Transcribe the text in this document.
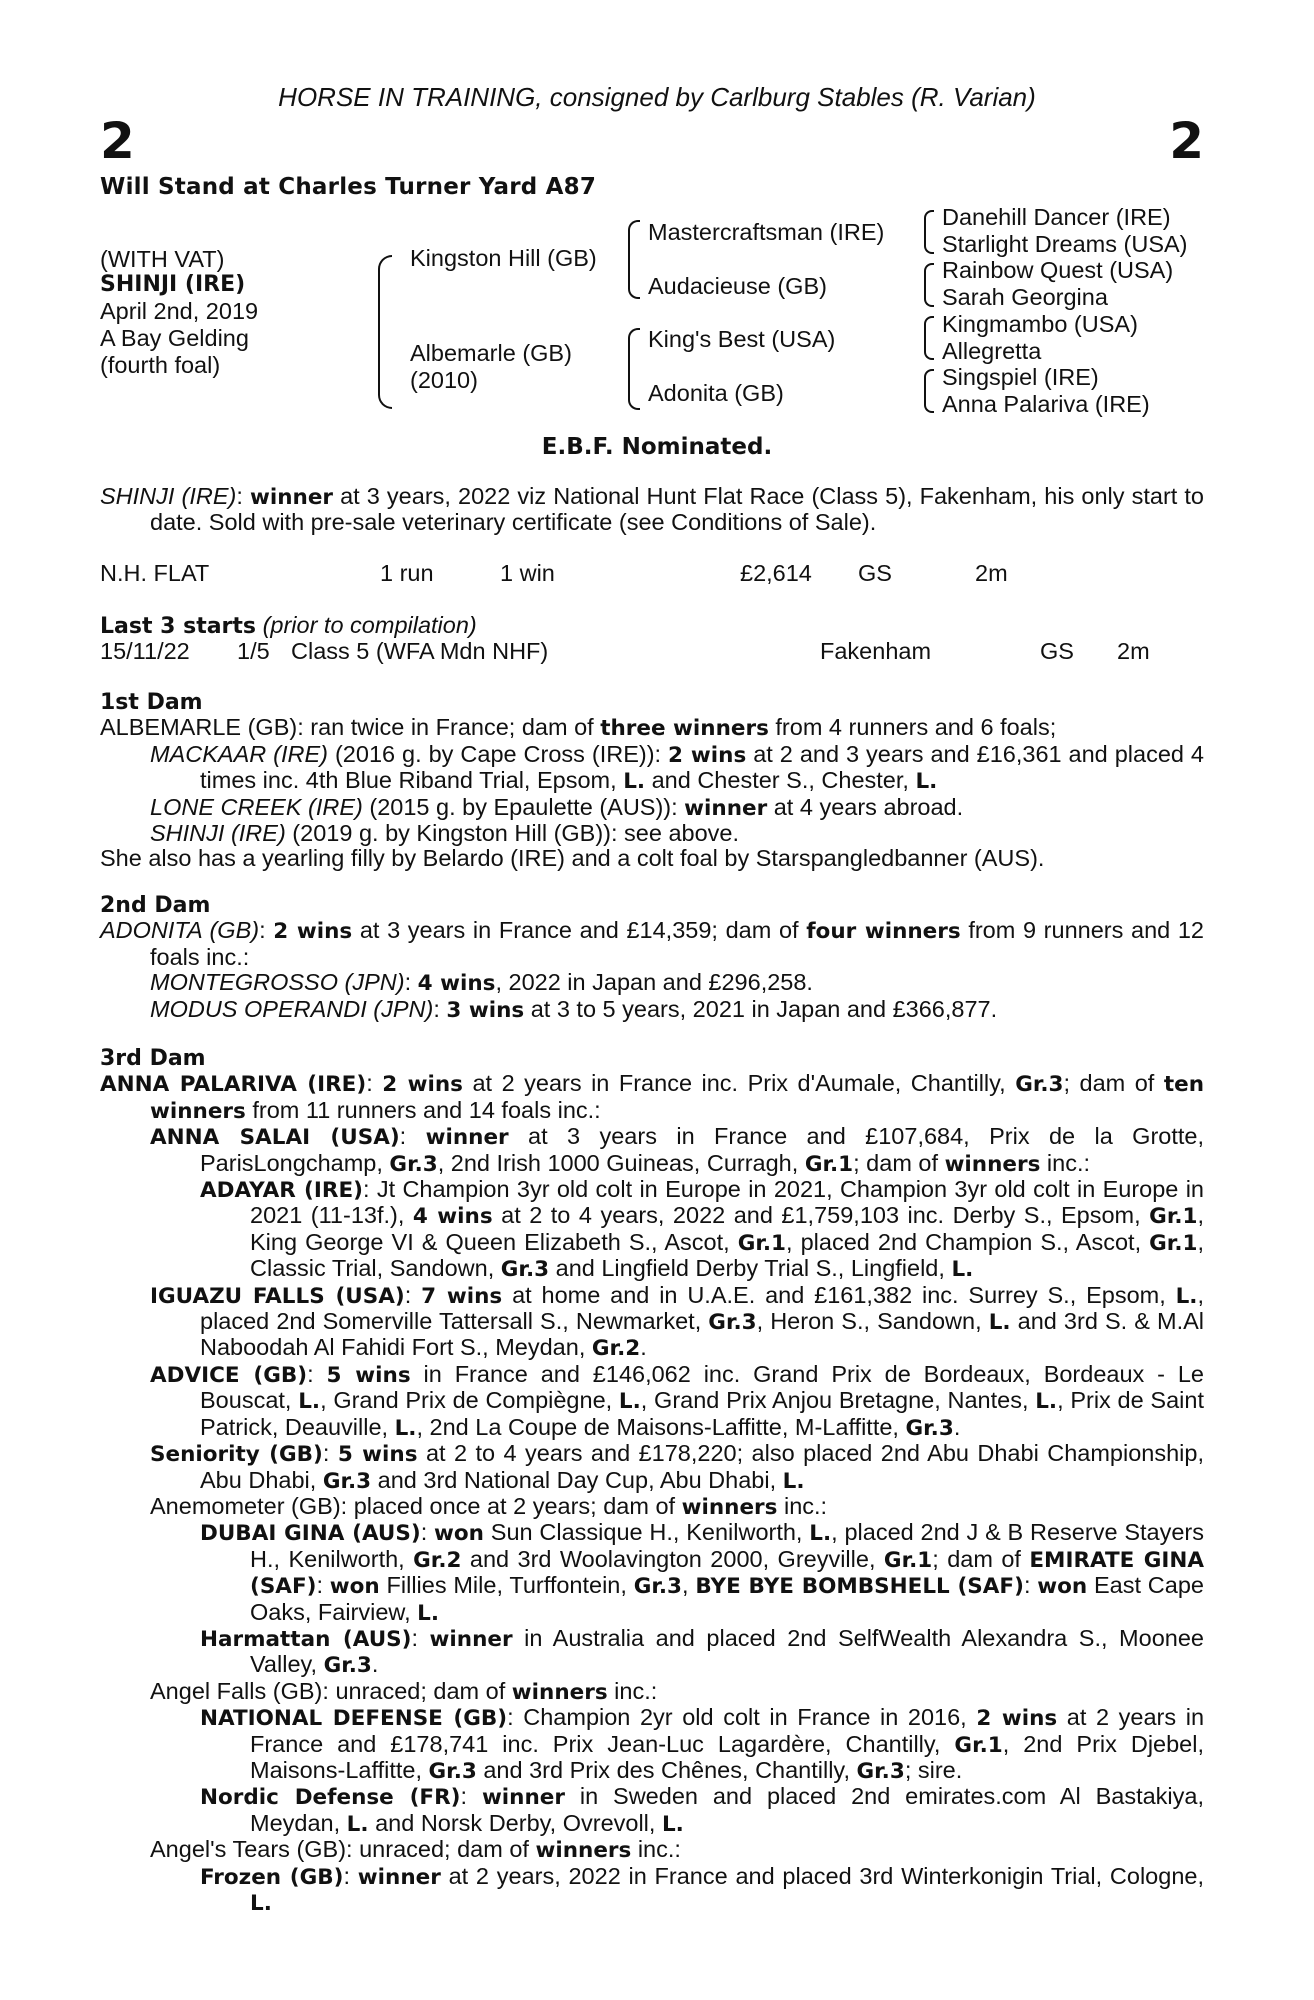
HORSE IN TRAINING, consigned by Carlburg Stables (R. Varian)
2	2
Will Stand at Charles Turner Yard A87
(WITH VAT)
SHINJI (IRE)
April 2nd, 2019
A Bay Gelding
(fourth foal)
Kingston Hill (GB)
Albemarle (GB)
(2010)
Mastercraftsman (IRE)
Audacieuse (GB)
King's Best (USA)
Adonita (GB)
Danehill Dancer (IRE)
Starlight Dreams (USA)
Rainbow Quest (USA)
Sarah Georgina
Kingmambo (USA)
Allegretta
Singspiel (IRE)
Anna Palariva (IRE)
E.B.F. Nominated.

SHINJI (IRE): winner at 3 years, 2022 viz National Hunt Flat Race (Class 5), Fakenham, his only start to date. Sold with pre-sale veterinary certificate (see Conditions of Sale).

N.H. FLAT	1 run	1 win	£2,614 GS	2m
Last 3 starts (prior to compilation)
15/11/22 1/5 Class 5 (WFA Mdn NHF)	Fakenham	GS 2m
1st Dam

ALBEMARLE (GB): ran twice in France; dam of three winners from 4 runners and 6 foals;

MACKAAR (IRE) (2016 g. by Cape Cross (IRE)): 2 wins at 2 and 3 years and £16,361 and placed 4 times inc. 4th Blue Riband Trial, Epsom, L. and Chester S., Chester, L.

LONE CREEK (IRE) (2015 g. by Epaulette (AUS)): winner at 4 years abroad.

SHINJI (IRE) (2019 g. by Kingston Hill (GB)): see above.

She also has a yearling filly by Belardo (IRE) and a colt foal by Starspangledbanner (AUS).

2nd Dam

ADONITA (GB): 2 wins at 3 years in France and £14,359; dam of four winners from 9 runners and 12 foals inc.:

MONTEGROSSO (JPN): 4 wins, 2022 in Japan and £296,258.

MODUS OPERANDI (JPN): 3 wins at 3 to 5 years, 2021 in Japan and £366,877.

3rd Dam

ANNA PALARIVA (IRE): 2 wins at 2 years in France inc. Prix d'Aumale, Chantilly, Gr.3; dam of ten winners from 11 runners and 14 foals inc.:

ANNA SALAI (USA): winner at 3 years in France and £107,684, Prix de la Grotte, ParisLongchamp, Gr.3, 2nd Irish 1000 Guineas, Curragh, Gr.1; dam of winners inc.:

ADAYAR (IRE): Jt Champion 3yr old colt in Europe in 2021, Champion 3yr old colt in Europe in 2021 (11-13f.), 4 wins at 2 to 4 years, 2022 and £1,759,103 inc. Derby S., Epsom, Gr.1, King George VI & Queen Elizabeth S., Ascot, Gr.1, placed 2nd Champion S., Ascot, Gr.1, Classic Trial, Sandown, Gr.3 and Lingfield Derby Trial S., Lingfield, L.

IGUAZU FALLS (USA): 7 wins at home and in U.A.E. and £161,382 inc. Surrey S., Epsom, L., placed 2nd Somerville Tattersall S., Newmarket, Gr.3, Heron S., Sandown, L. and 3rd S. & M.Al Naboodah Al Fahidi Fort S., Meydan, Gr.2.

ADVICE (GB): 5 wins in France and £146,062 inc. Grand Prix de Bordeaux, Bordeaux - Le Bouscat, L., Grand Prix de Compiègne, L., Grand Prix Anjou Bretagne, Nantes, L., Prix de Saint Patrick, Deauville, L., 2nd La Coupe de Maisons-Laffitte, M-Laffitte, Gr.3.

Seniority (GB): 5 wins at 2 to 4 years and £178,220; also placed 2nd Abu Dhabi Championship, Abu Dhabi, Gr.3 and 3rd National Day Cup, Abu Dhabi, L.

Anemometer (GB): placed once at 2 years; dam of winners inc.:

DUBAI GINA (AUS): won Sun Classique H., Kenilworth, L., placed 2nd J & B Reserve Stayers H., Kenilworth, Gr.2 and 3rd Woolavington 2000, Greyville, Gr.1; dam of EMIRATE GINA (SAF): won Fillies Mile, Turffontein, Gr.3, BYE BYE BOMBSHELL (SAF): won East Cape Oaks, Fairview, L.

Harmattan (AUS): winner in Australia and placed 2nd SelfWealth Alexandra S., Moonee Valley, Gr.3.

Angel Falls (GB): unraced; dam of winners inc.:

NATIONAL DEFENSE (GB): Champion 2yr old colt in France in 2016, 2 wins at 2 years in France and £178,741 inc. Prix Jean-Luc Lagardère, Chantilly, Gr.1, 2nd Prix Djebel, Maisons-Laffitte, Gr.3 and 3rd Prix des Chênes, Chantilly, Gr.3; sire.

Nordic Defense (FR): winner in Sweden and placed 2nd emirates.com Al Bastakiya, Meydan, L. and Norsk Derby, Ovrevoll, L.

Angel's Tears (GB): unraced; dam of winners inc.:

Frozen (GB): winner at 2 years, 2022 in France and placed 3rd Winterkonigin Trial, Cologne, L.
